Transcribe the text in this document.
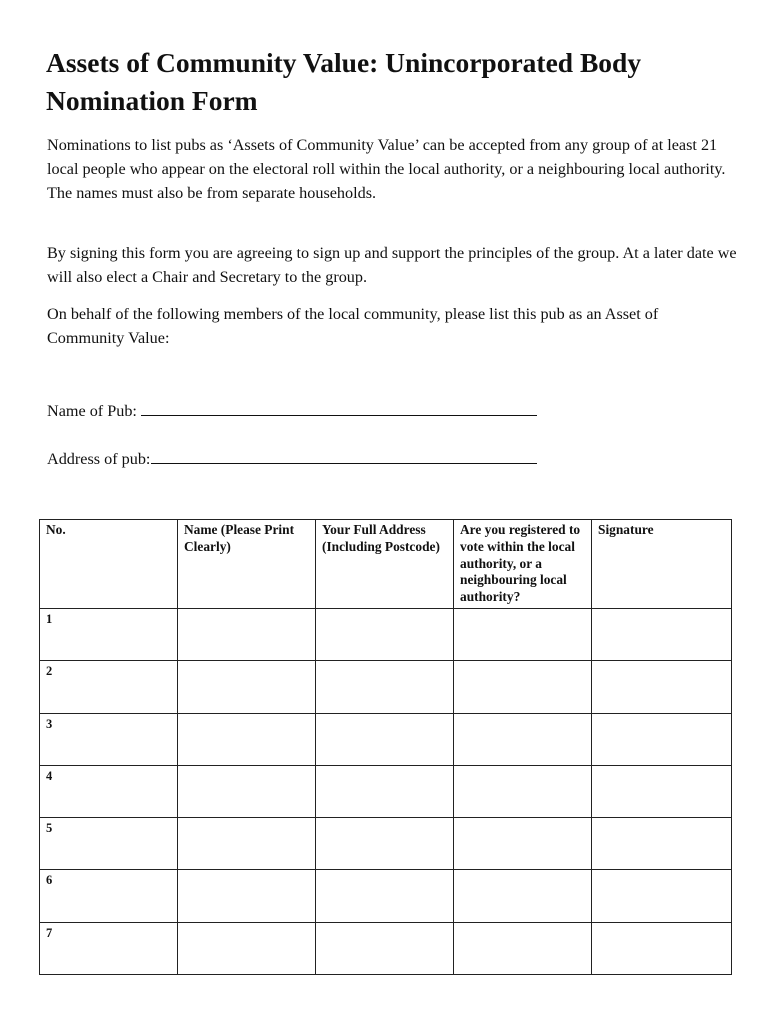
Assets of Community Value: Unincorporated Body Nomination Form

Nominations to list pubs as ‘Assets of Community Value’ can be accepted from any group of at least 21 local people who appear on the electoral roll within the local authority, or a neighbouring local authority. The names must also be from separate households.

By signing this form you are agreeing to sign up and support the principles of the group. At a later date we will also elect a Chair and Secretary to the group.

On behalf of the following members of the local community, please list this pub as an Asset of Community Value:

Name of Pub:
Address of pub:
No.	Name (Please Print Clearly)	Your Full Address (Including Postcode)	Are you registered to vote within the local authority, or a neighbouring local authority?	Signature
1				
2				
3				
4				
5				
6				
7				
